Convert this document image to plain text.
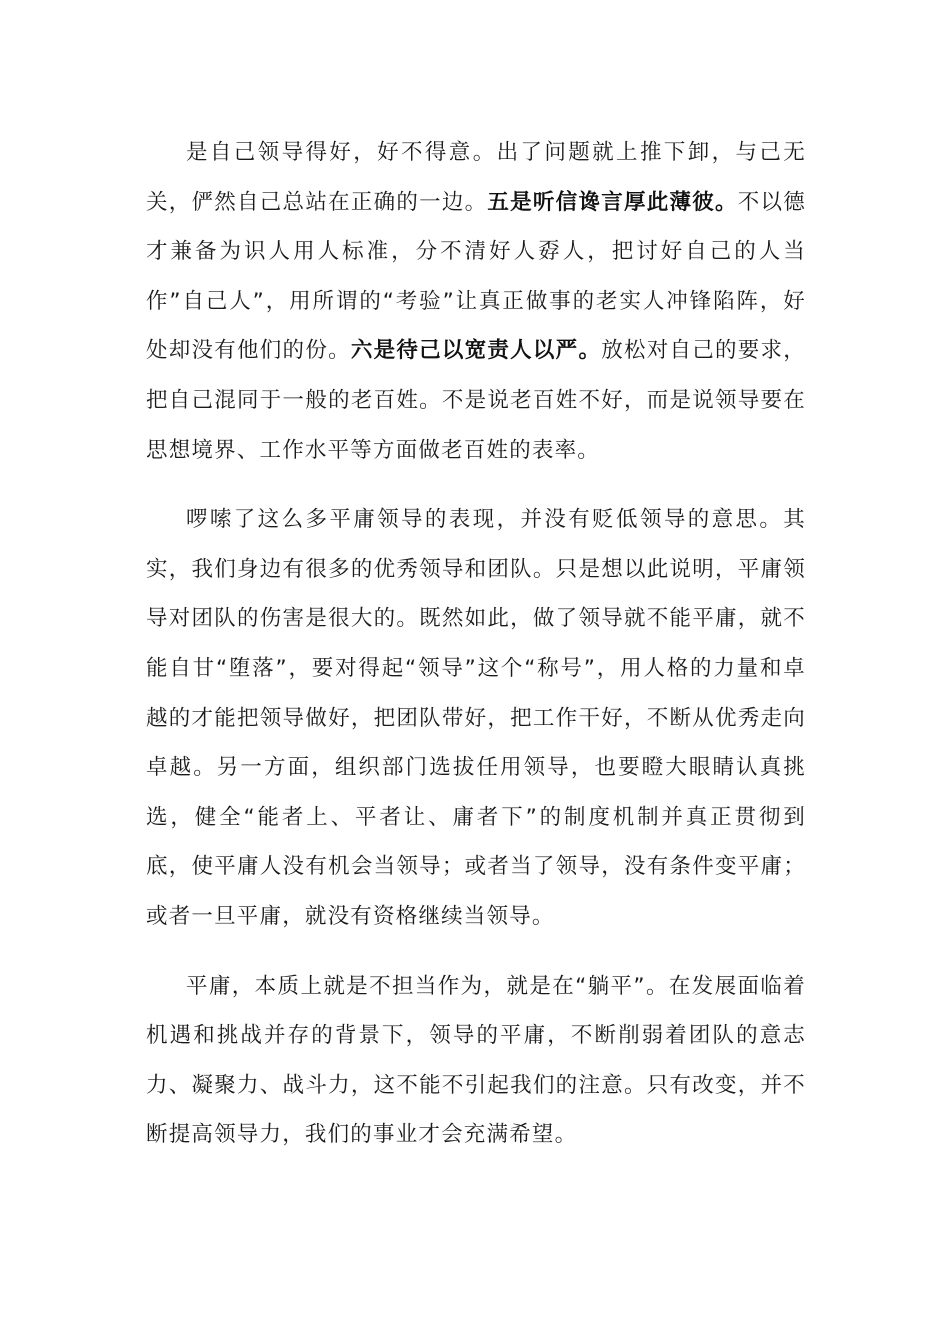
是自己领导得好，好不得意。出了问题就上推下卸，与己无关，俨然自己总站在正确的一边。五是听信谗言厚此薄彼。不以德才兼备为识人用人标准，分不清好人孬人，把讨好自己的人当作”自己人”，用所谓的“考验”让真正做事的老实人冲锋陷阵，好处却没有他们的份。六是待己以宽责人以严。放松对自己的要求，把自己混同于一般的老百姓。不是说老百姓不好，而是说领导要在思想境界、工作水平等方面做老百姓的表率。

啰嗦了这么多平庸领导的表现，并没有贬低领导的意思。其实，我们身边有很多的优秀领导和团队。只是想以此说明，平庸领导对团队的伤害是很大的。既然如此，做了领导就不能平庸，就不能自甘“堕落”，要对得起“领导”这个“称号”，用人格的力量和卓越的才能把领导做好，把团队带好，把工作干好，不断从优秀走向卓越。另一方面，组织部门选拔任用领导，也要瞪大眼睛认真挑选，健全“能者上、平者让、庸者下”的制度机制并真正贯彻到底，使平庸人没有机会当领导；或者当了领导，没有条件变平庸；或者一旦平庸，就没有资格继续当领导。

平庸，本质上就是不担当作为，就是在“躺平”。在发展面临着机遇和挑战并存的背景下，领导的平庸，不断削弱着团队的意志力、凝聚力、战斗力，这不能不引起我们的注意。只有改变，并不断提高领导力，我们的事业才会充满希望。
